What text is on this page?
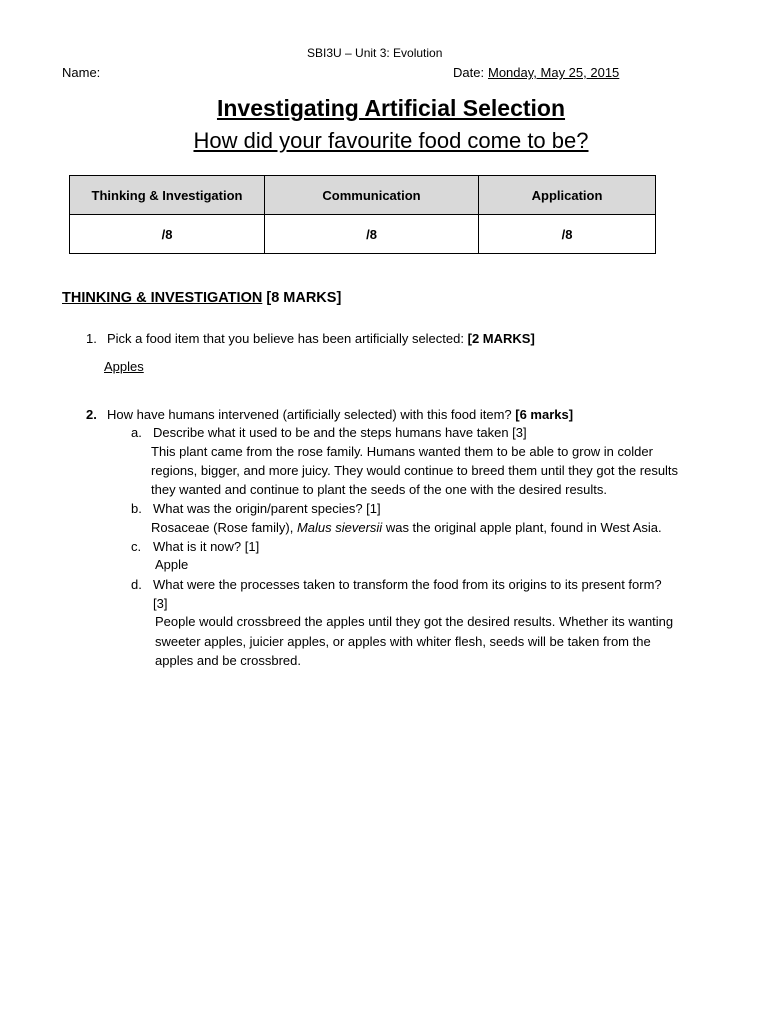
SBI3U – Unit 3: Evolution
Name:	Date: Monday, May 25, 2015
Investigating Artificial Selection
How did your favourite food come to be?
Thinking & Investigation	Communication	Application
/8	/8	/8
THINKING & INVESTIGATION [8 MARKS]
1. Pick a food item that you believe has been artificially selected: [2 MARKS]
Apples
2. How have humans intervened (artificially selected) with this food item? [6 marks]
a. Describe what it used to be and the steps humans have taken [3]
This plant came from the rose family. Humans wanted them to be able to grow in colder
regions, bigger, and more juicy. They would continue to breed them until they got the results
they wanted and continue to plant the seeds of the one with the desired results.
b. What was the origin/parent species? [1]
Rosaceae (Rose family), Malus sieversii was the original apple plant, found in West Asia.
c. What is it now? [1]
Apple
d. What were the processes taken to transform the food from its origins to its present form?
[3]
People would crossbreed the apples until they got the desired results. Whether its wanting
sweeter apples, juicier apples, or apples with whiter flesh, seeds will be taken from the
apples and be crossbred.
